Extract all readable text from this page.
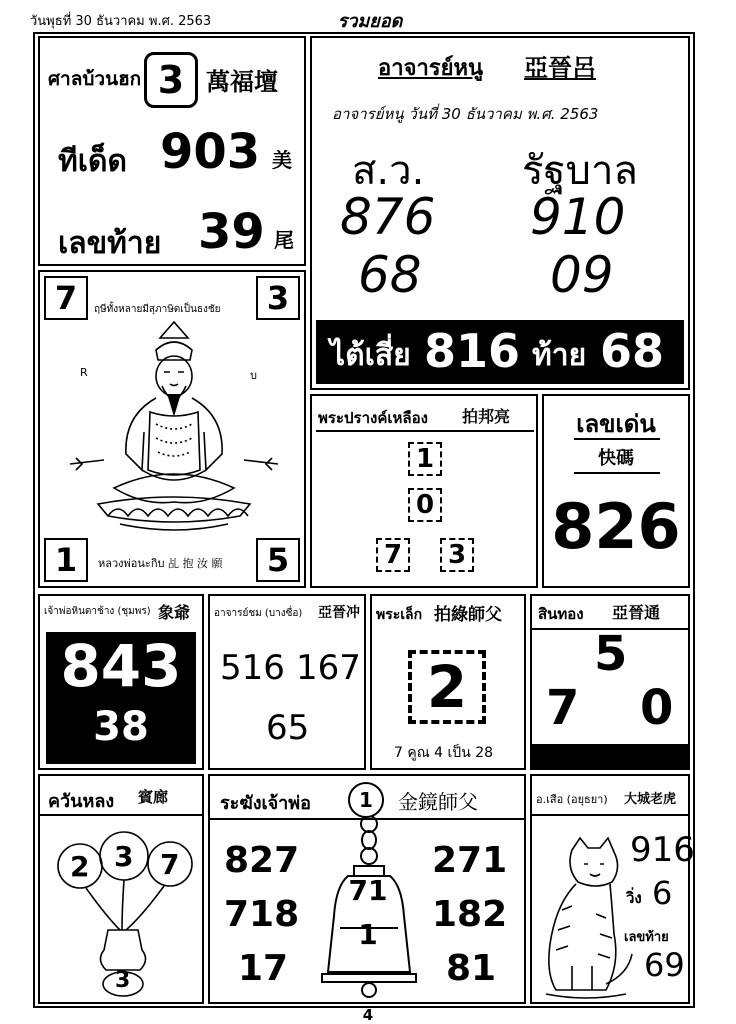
วันพุธที่ 30 ธันวาคม พ.ศ. 2563	รวมยอด
ศาลบ้วนฮก 3 萬福壇
ทีเด็ด 903 美
เลขท้าย 39 尾
อาจารย์หนู 亞晉呂
อาจารย์หนู วันที่ 30 ธันวาคม พ.ศ. 2563
ส.ว. รัฐบาล
876 910
68	09
ไต้เสี่ย 816 ท้าย 68
7	3
1	5
ฤษีทั้งหลายมีสุภาษิตเป็นธงชัย
หลวงพ่อนะกิบ 乩 抱 汝 願
R	บ
พระปรางค์เหลือง 拍邦亮
1
0
7	3
เลขเด่น
快碼
826
เจ้าพ่อหินตาช้าง (ชุมพร) 象爺
843
38
อาจารย์ชม (บางซื่อ) 亞晉冲
516 167
65
พระเล็ก 拍綠師父
2
7 คูณ 4 เป็น 28
สินทอง 亞晉通
5
7 0
ควันหลง 賓廊
2 3 7
3
ระฆังเจ้าพ่อ	1	金鏡師父
71
1
827
718
17
271
182
81
อ.เสือ (อยุธยา) 大城老虎
916
วิ่ง 6
เลขท้าย
69
4
